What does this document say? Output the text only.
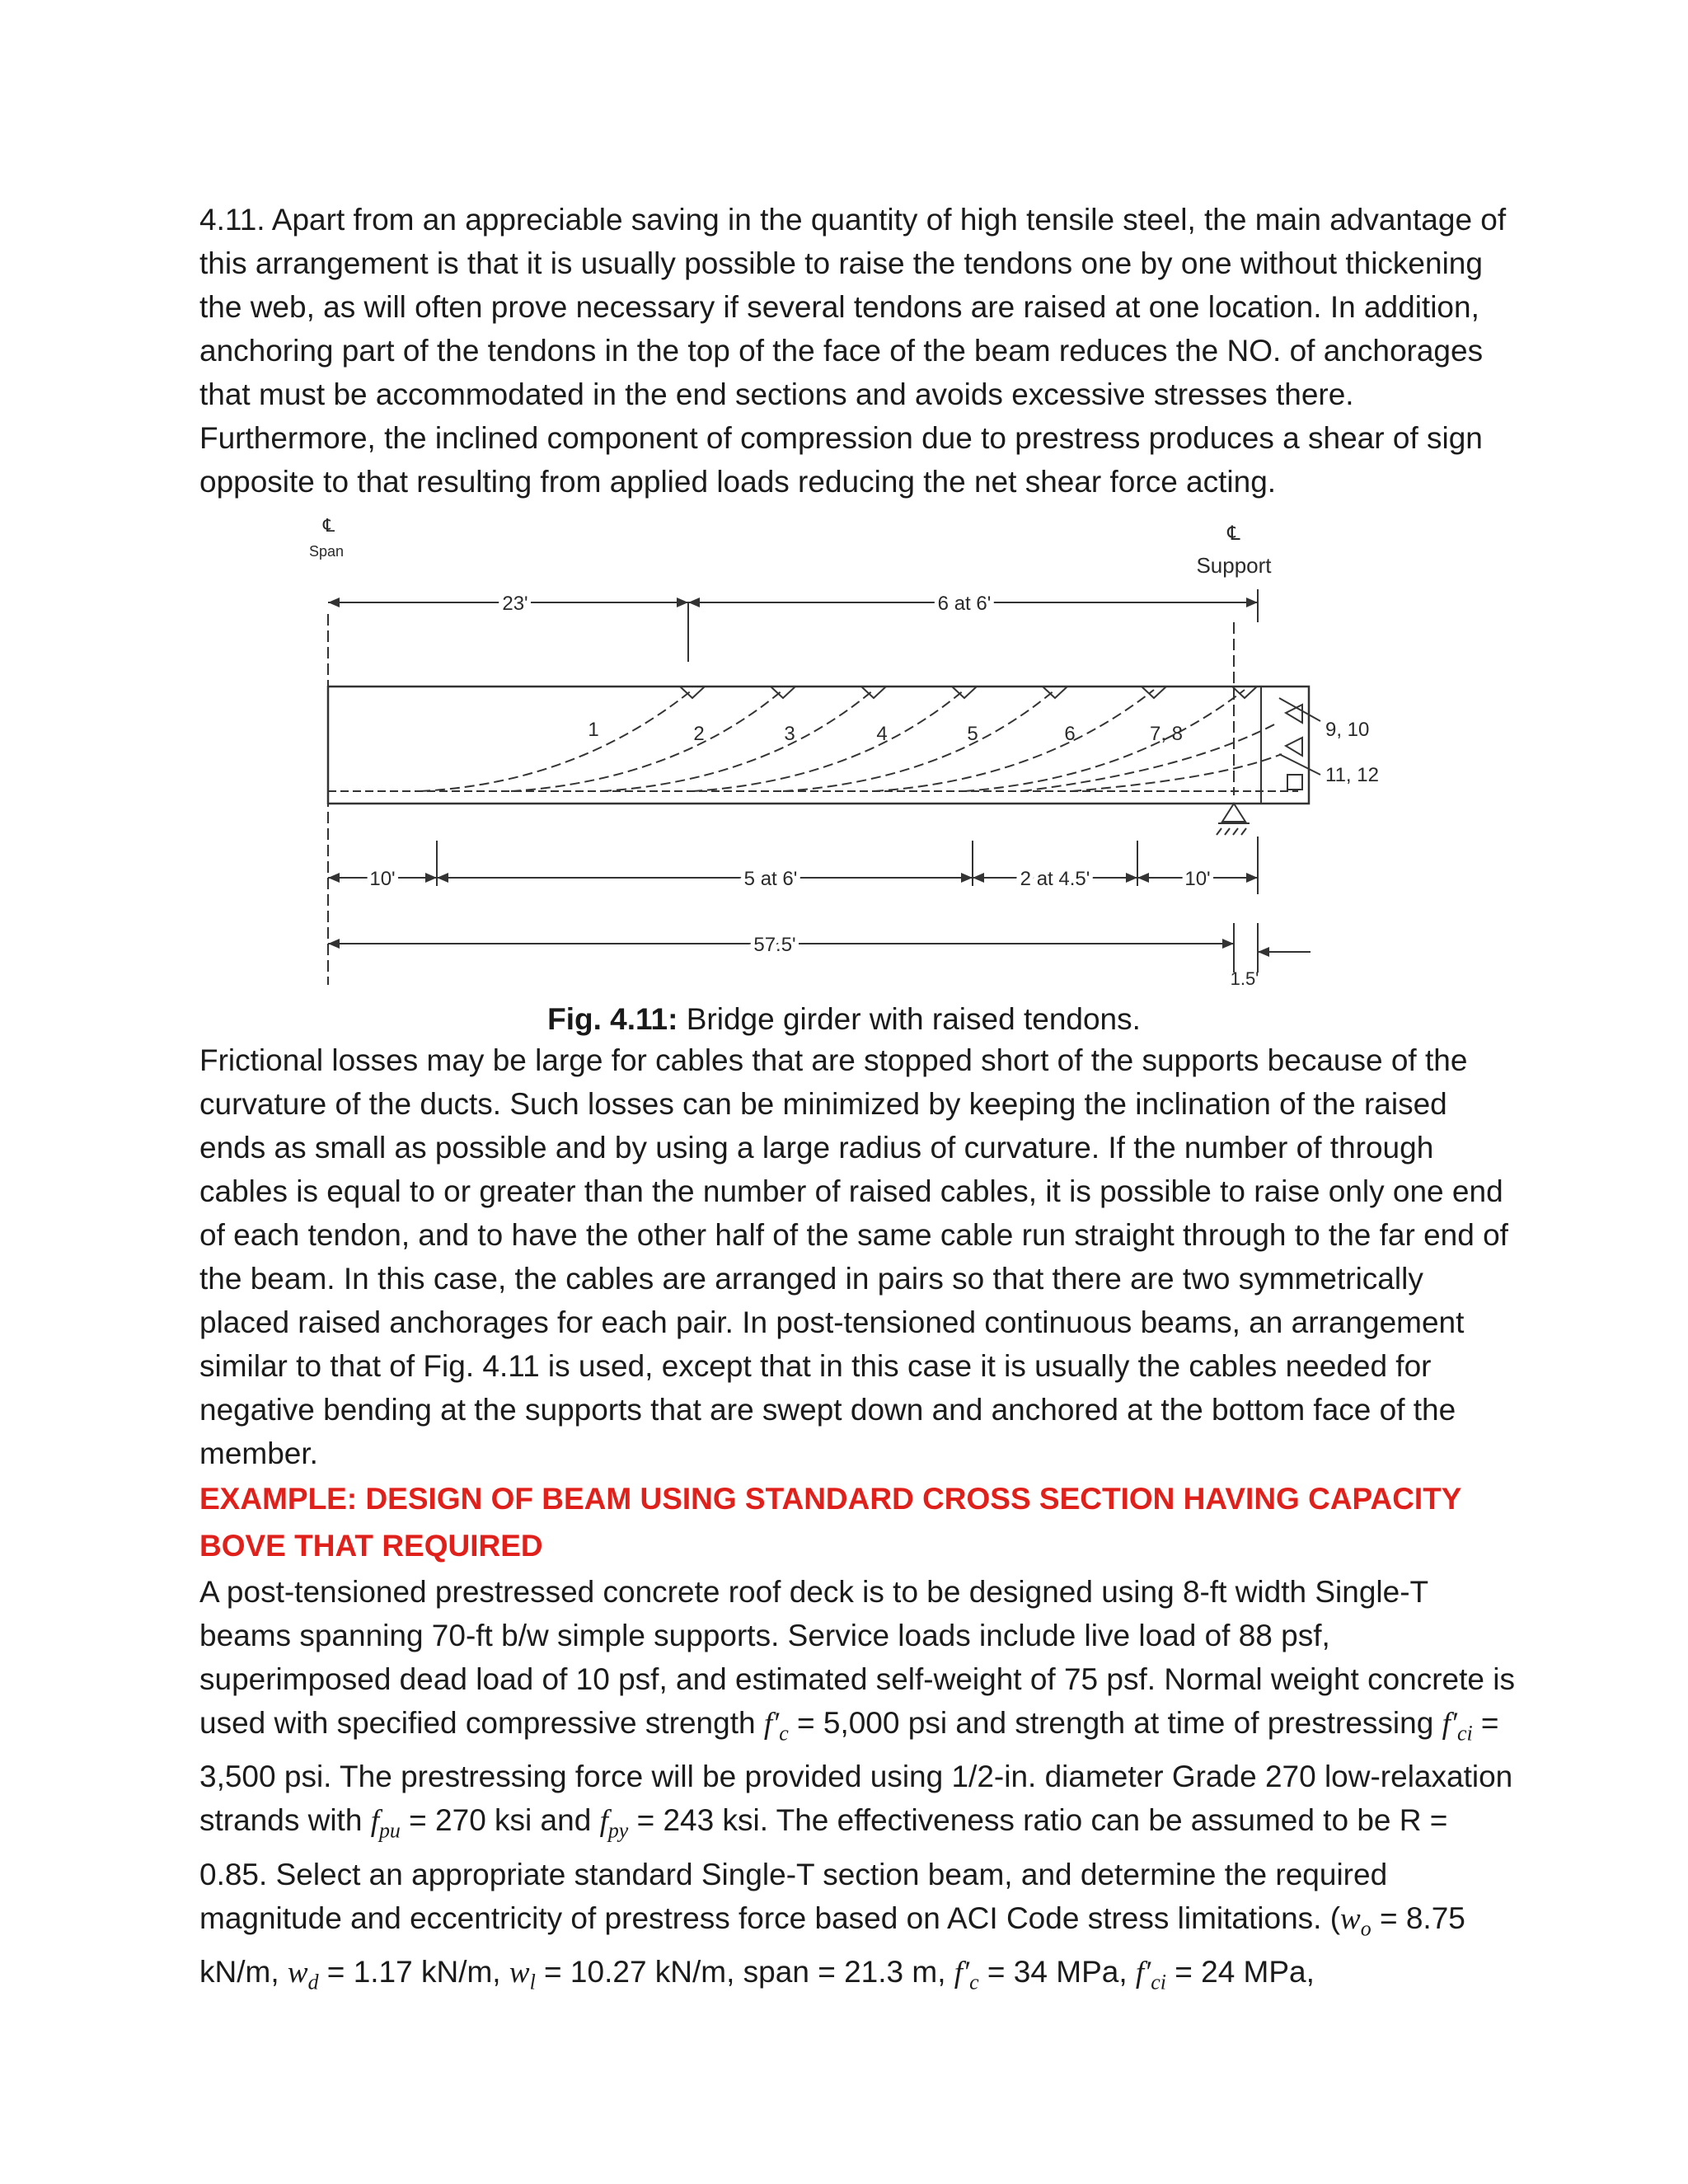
4.11. Apart from an appreciable saving in the quantity of high tensile steel, the main advantage of this arrangement is that it is usually possible to raise the tendons one by one without thickening the web, as will often prove necessary if several tendons are raised at one location. In addition, anchoring part of the tendons in the top of the face of the beam reduces the NO. of anchorages that must be accommodated in the end sections and avoids excessive stresses there. Furthermore, the inclined component of compression due to prestress produces a shear of sign opposite to that resulting from applied loads reducing the net shear force acting.
℄
Span
℄
Support
23'	6 at 6'
1	2	3	4	5	6	7, 8	9, 10
11, 12
10'	5 at 6'	2 at 4.5'	10'
57.5'
1.5'
Fig. 4.11: Bridge girder with raised tendons.
Frictional losses may be large for cables that are stopped short of the supports because of the curvature of the ducts. Such losses can be minimized by keeping the inclination of the raised ends as small as possible and by using a large radius of curvature. If the number of through cables is equal to or greater than the number of raised cables, it is possible to raise only one end of each tendon, and to have the other half of the same cable run straight through to the far end of the beam. In this case, the cables are arranged in pairs so that there are two symmetrically placed raised anchorages for each pair. In post-tensioned continuous beams, an arrangement similar to that of Fig. 4.11 is used, except that in this case it is usually the cables needed for negative bending at the supports that are swept down and anchored at the bottom face of the member.
EXAMPLE: DESIGN OF BEAM USING STANDARD CROSS SECTION HAVING CAPACITY BOVE THAT REQUIRED
A post-tensioned prestressed concrete roof deck is to be designed using 8-ft width Single-T beams spanning 70-ft b/w simple supports. Service loads include live load of 88 psf, superimposed dead load of 10 psf, and estimated self-weight of 75 psf. Normal weight concrete is used with specified compressive strength $f'_c = 5,000$ psi and strength at time of prestressing $f'_{ci} = 3,500$ psi. The prestressing force will be provided using 1/2-in. diameter Grade 270 low-relaxation strands with $f_{pu} = 270$ ksi and $f_{py} = 243$ ksi. The effectiveness ratio can be assumed to be R = 0.85. Select an appropriate standard Single-T section beam, and determine the required magnitude and eccentricity of prestress force based on ACI Code stress limitations. ($w_o = 8.75$ kN/m, $w_d = 1.17$ kN/m, $w_l = 10.27$ kN/m, span = 21.3 m, $f'_c = 34$ MPa, $f'_{ci} = 24$ MPa,
